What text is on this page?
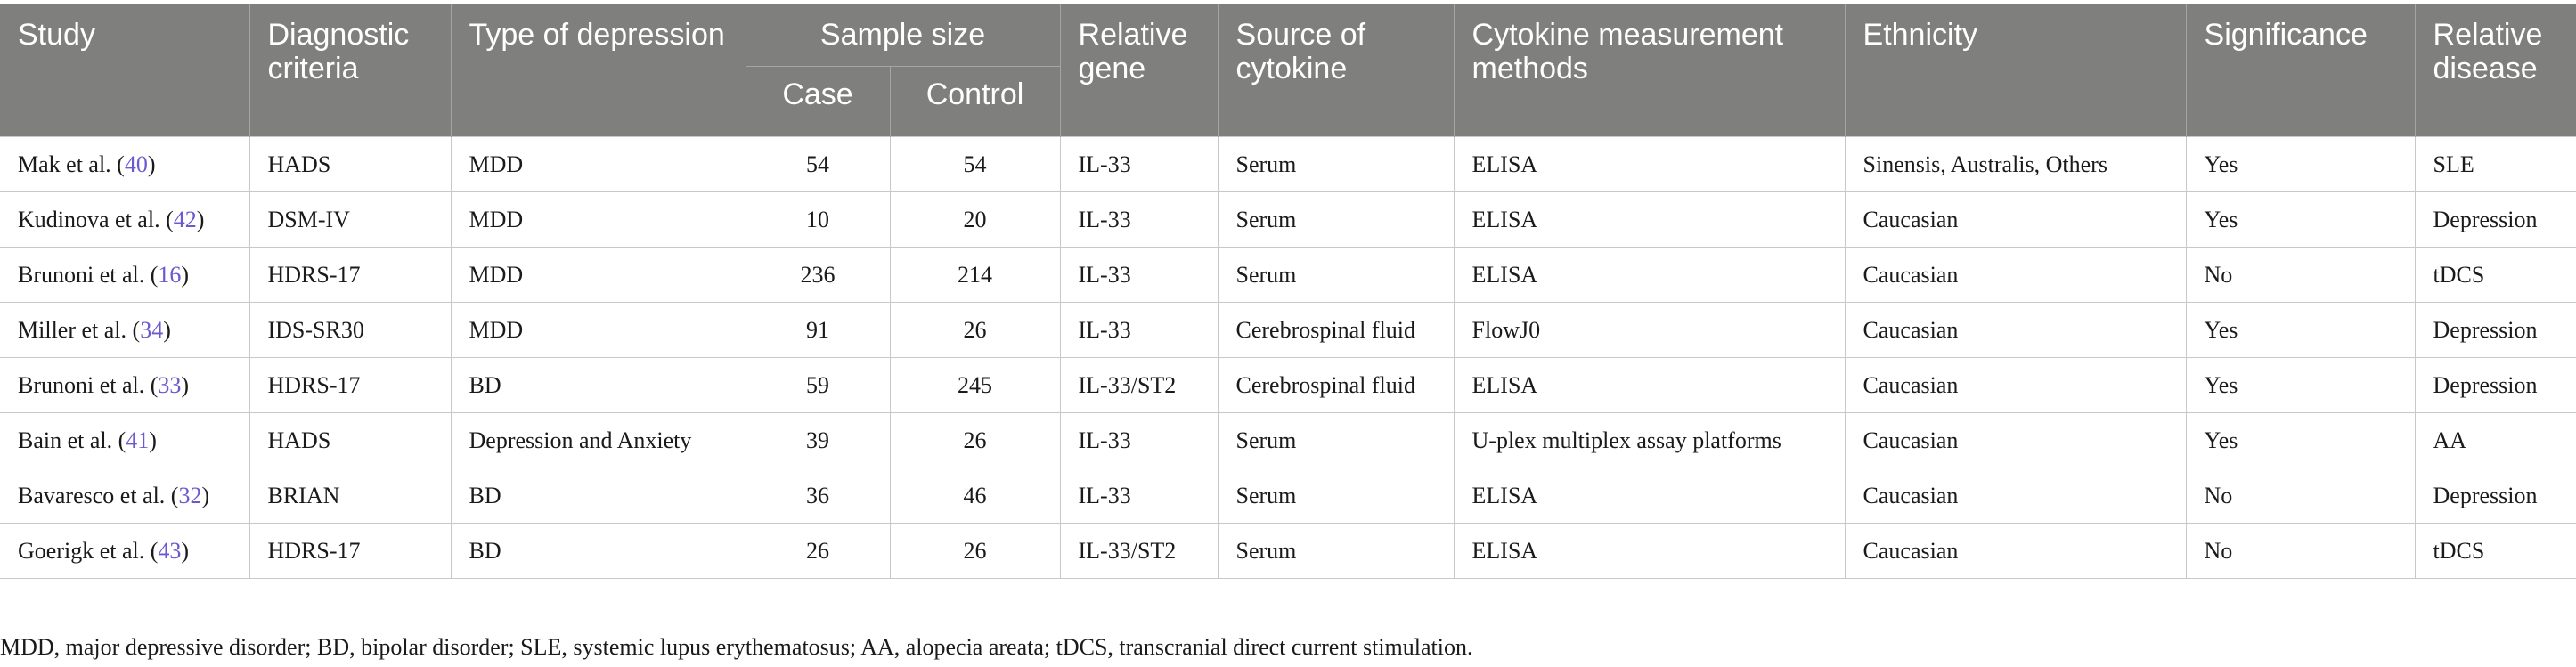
Study	Diagnostic criteria	Type of depression	Sample size		Relative gene	Source of cytokine	Cytokine measurement methods	Ethnicity	Significance	Relative disease
			Case	Control						
Mak et al. (40)	HADS	MDD	54	54	IL-33	Serum	ELISA	Sinensis, Australis, Others	Yes	SLE
Kudinova et al. (42)	DSM-IV	MDD	10	20	IL-33	Serum	ELISA	Caucasian	Yes	Depression
Brunoni et al. (16)	HDRS-17	MDD	236	214	IL-33	Serum	ELISA	Caucasian	No	tDCS
Miller et al. (34)	IDS-SR30	MDD	91	26	IL-33	Cerebrospinal fluid	FlowJ0	Caucasian	Yes	Depression
Brunoni et al. (33)	HDRS-17	BD	59	245	IL-33/ST2	Cerebrospinal fluid	ELISA	Caucasian	Yes	Depression
Bain et al. (41)	HADS	Depression and Anxiety	39	26	IL-33	Serum	U-plex multiplex assay platforms	Caucasian	Yes	AA
Bavaresco et al. (32)	BRIAN	BD	36	46	IL-33	Serum	ELISA	Caucasian	No	Depression
Goerigk et al. (43)	HDRS-17	BD	26	26	IL-33/ST2	Serum	ELISA	Caucasian	No	tDCS
MDD, major depressive disorder; BD, bipolar disorder; SLE, systemic lupus erythematosus; AA, alopecia areata; tDCS, transcranial direct current stimulation.
